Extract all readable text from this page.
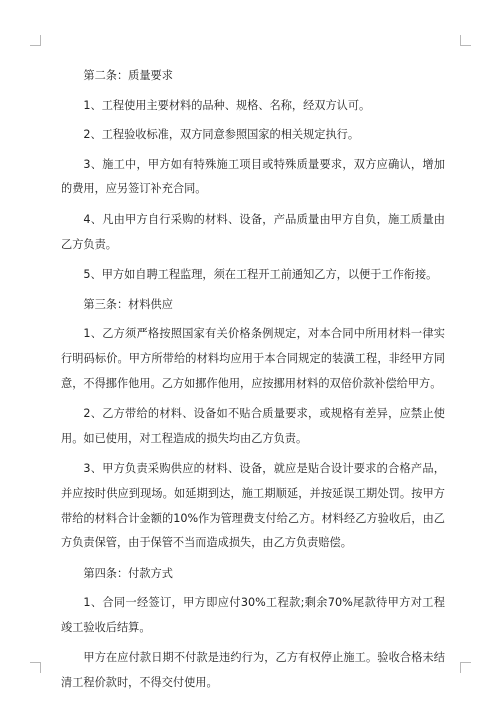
第二条：质量要求

1、工程使用主要材料的品种、规格、名称，经双方认可。

2、工程验收标准，双方同意参照国家的相关规定执行。

3、施工中，甲方如有特殊施工项目或特殊质量要求，双方应确认，增加的费用，应另签订补充合同。

4、凡由甲方自行采购的材料、设备，产品质量由甲方自负，施工质量由乙方负责。

5、甲方如自聘工程监理，须在工程开工前通知乙方，以便于工作衔接。

第三条：材料供应

1、乙方须严格按照国家有关价格条例规定，对本合同中所用材料一律实行明码标价。甲方所带给的材料均应用于本合同规定的装潢工程，非经甲方同意，不得挪作他用。乙方如挪作他用，应按挪用材料的双倍价款补偿给甲方。

2、乙方带给的材料、设备如不贴合质量要求，或规格有差异，应禁止使用。如已使用，对工程造成的损失均由乙方负责。

3、甲方负责采购供应的材料、设备，就应是贴合设计要求的合格产品，并应按时供应到现场。如延期到达，施工期顺延，并按延误工期处罚。按甲方带给的材料合计金额的10%作为管理费支付给乙方。材料经乙方验收后，由乙方负责保管，由于保管不当而造成损失，由乙方负责赔偿。

第四条：付款方式

1、合同一经签订，甲方即应付30%工程款;剩余70%尾款待甲方对工程竣工验收后结算。

甲方在应付款日期不付款是违约行为，乙方有权停止施工。验收合格未结清工程价款时，不得交付使用。
